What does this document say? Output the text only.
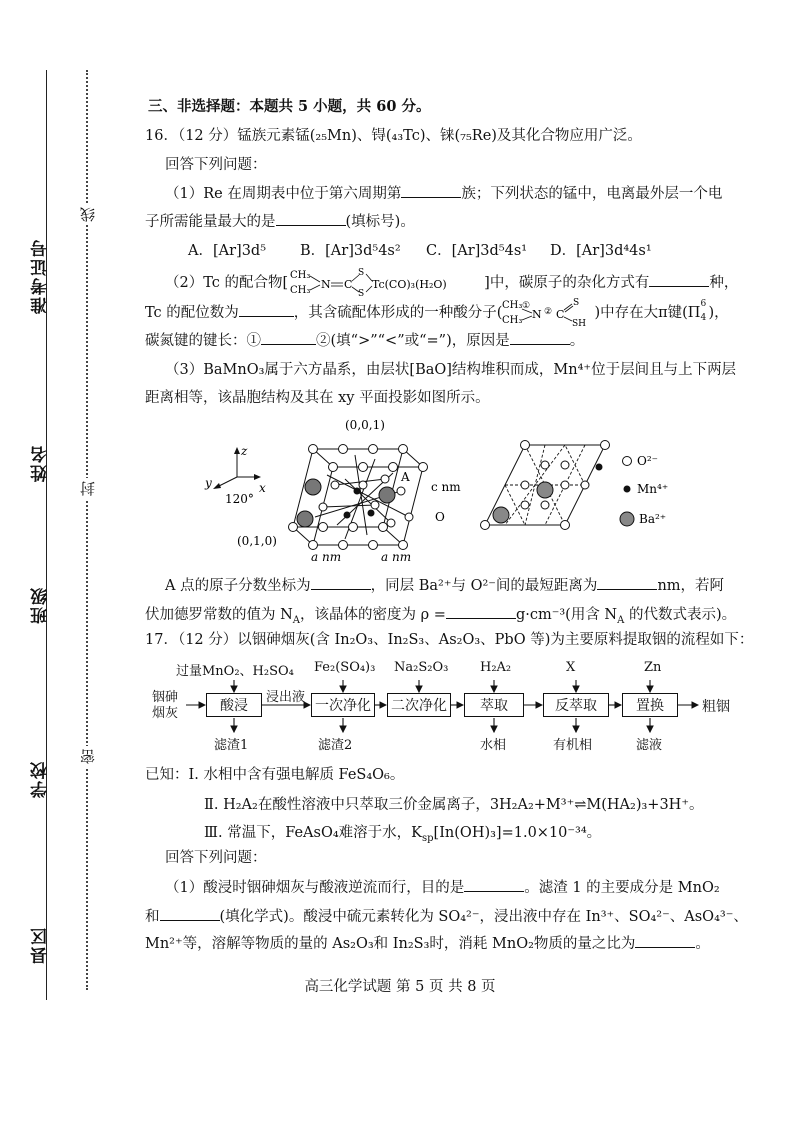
准考证号
姓名
班级
学校
县区
线
封
密
三、非选择题：本题共 5 小题，共 60 分。
16．（12 分）锰族元素锰(₂₅Mn)、锝(₄₃Tc)、铼(₇₅Re)及其化合物应用广泛。
回答下列问题：
（1）Re 在周期表中位于第六周期第	族；下列状态的锰中，电离最外层一个电
子所需能量最大的是	(填标号)。
A．[Ar]3d⁵ B．[Ar]3d⁵4s² C．[Ar]3d⁵4s¹ D．[Ar]3d⁴4s¹
（2）Tc 的配合物[ CH₃
CH₃ N C
S
S
Tc(CO)₃(H₂O)	]中，碳原子的杂化方式有	种，
Tc 的配位数为	，其含硫配体形成的一种酸分子( CH₃ ①
CH₃ N ② C
S
SH
)中存在大π键(Π
6
4 )，
碳氮键的键长：①	②(填“>”“<”或“=”)，原因是	。
（3）BaMnO₃属于六方晶系，由层状[BaO]结构堆积而成，Mn⁴⁺位于层间且与上下两层
距离相等，该晶胞结构及其在 xy 平面投影如图所示。
z
y	x
120°
(0,0,1)
(0,1,0)
A
c nm
O
a nm	a nm
O²⁻
Mn⁴⁺
Ba²⁺
A 点的原子分数坐标为	，同层 Ba²⁺与 O²⁻间的最短距离为	nm，若阿
伏加德罗常数的值为 $N_A$，该晶体的密度为 ρ =	g·cm⁻³(用含 $N_A$ 的代数式表示)。
17．（12 分）以铟砷烟灰(含 In₂O₃、In₂S₃、As₂O₃、PbO 等)为主要原料提取铟的流程如下：
过量MnO₂、H₂SO₄ Fe₂(SO₄)₃ Na₂S₂O₃ H₂A₂	X	Zn
铟砷烟灰
浸出液
酸浸	一次净化 二次净化	萃取	反萃取	置换	粗铟
滤渣1	滤渣2	水相	有机相	滤液
已知：Ⅰ. 水相中含有强电解质 FeS₄O₆。
Ⅱ. H₂A₂在酸性溶液中只萃取三价金属离子，3H₂A₂+M³⁺⇌M(HA₂)₃+3H⁺。
Ⅲ. 常温下，FeAsO₄难溶于水，$K_{sp}[In(OH)_3]=1.0\times 10^{-34}$。
回答下列问题：
（1）酸浸时铟砷烟灰与酸液逆流而行，目的是	。滤渣 1 的主要成分是 MnO₂
和	(填化学式)。酸浸中硫元素转化为 SO₄²⁻，浸出液中存在 In³⁺、SO₄²⁻、AsO₄³⁻、
Mn²⁺等，溶解等物质的量的 As₂O₃和 In₂S₃时，消耗 MnO₂物质的量之比为	。
高三化学试题 第 5 页 共 8 页
